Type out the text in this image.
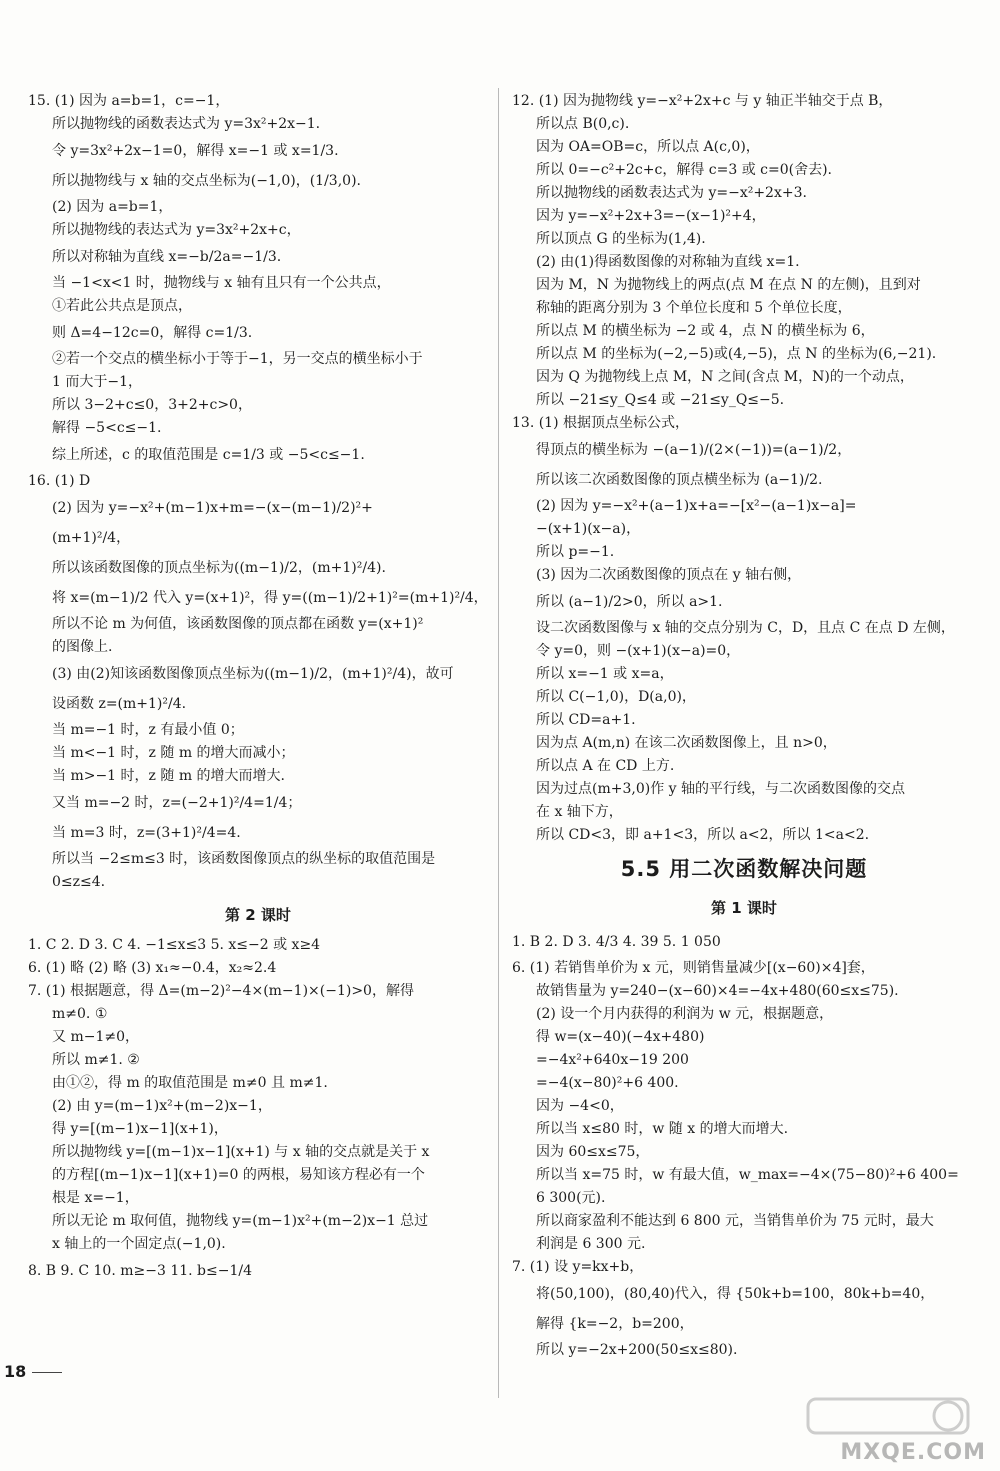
15. (1) 因为 a=b=1，c=−1，
所以抛物线的函数表达式为 y=3x²+2x−1.
令 y=3x²+2x−1=0，解得 x=−1 或 x=1/3.
所以抛物线与 x 轴的交点坐标为(−1,0)，(1/3,0).
(2) 因为 a=b=1，
所以抛物线的表达式为 y=3x²+2x+c，
所以对称轴为直线 x=−b/2a=−1/3.
当 −1<x<1 时，抛物线与 x 轴有且只有一个公共点，
①若此公共点是顶点，
则 Δ=4−12c=0，解得 c=1/3.
②若一个交点的横坐标小于等于−1，另一交点的横坐标小于
1 而大于−1，
所以 3−2+c≤0，3+2+c>0，
解得 −5<c≤−1.
综上所述，c 的取值范围是 c=1/3 或 −5<c≤−1.
16. (1) D
(2) 因为 y=−x²+(m−1)x+m=−(x−(m−1)/2)²+
(m+1)²/4，
所以该函数图像的顶点坐标为((m−1)/2，(m+1)²/4).
将 x=(m−1)/2 代入 y=(x+1)²，得 y=((m−1)/2+1)²=(m+1)²/4，
所以不论 m 为何值，该函数图像的顶点都在函数 y=(x+1)²
的图像上.
(3) 由(2)知该函数图像顶点坐标为((m−1)/2，(m+1)²/4)，故可
设函数 z=(m+1)²/4.
当 m=−1 时，z 有最小值 0；
当 m<−1 时，z 随 m 的增大而减小；
当 m>−1 时，z 随 m 的增大而增大.
又当 m=−2 时，z=(−2+1)²/4=1/4；
当 m=3 时，z=(3+1)²/4=4.
所以当 −2≤m≤3 时，该函数图像顶点的纵坐标的取值范围是
0≤z≤4.
第 2 课时
1. C 2. D 3. C 4. −1≤x≤3 5. x≤−2 或 x≥4
6. (1) 略 (2) 略 (3) x₁≈−0.4，x₂≈2.4
7. (1) 根据题意，得 Δ=(m−2)²−4×(m−1)×(−1)>0，解得
m≠0. ①
又 m−1≠0，
所以 m≠1. ②
由①②，得 m 的取值范围是 m≠0 且 m≠1.
(2) 由 y=(m−1)x²+(m−2)x−1，
得 y=[(m−1)x−1](x+1)，
所以抛物线 y=[(m−1)x−1](x+1) 与 x 轴的交点就是关于 x
的方程[(m−1)x−1](x+1)=0 的两根，易知该方程必有一个
根是 x=−1，
所以无论 m 取何值，抛物线 y=(m−1)x²+(m−2)x−1 总过
x 轴上的一个固定点(−1,0).
8. B 9. C 10. m≥−3 11. b≤−1/4
12. (1) 因为抛物线 y=−x²+2x+c 与 y 轴正半轴交于点 B，
所以点 B(0,c).
因为 OA=OB=c，所以点 A(c,0)，
所以 0=−c²+2c+c，解得 c=3 或 c=0(舍去).
所以抛物线的函数表达式为 y=−x²+2x+3.
因为 y=−x²+2x+3=−(x−1)²+4，
所以顶点 G 的坐标为(1,4).
(2) 由(1)得函数图像的对称轴为直线 x=1.
因为 M，N 为抛物线上的两点(点 M 在点 N 的左侧)，且到对
称轴的距离分别为 3 个单位长度和 5 个单位长度，
所以点 M 的横坐标为 −2 或 4，点 N 的横坐标为 6，
所以点 M 的坐标为(−2,−5)或(4,−5)，点 N 的坐标为(6,−21).
因为 Q 为抛物线上点 M，N 之间(含点 M，N)的一个动点，
所以 −21≤y_Q≤4 或 −21≤y_Q≤−5.
13. (1) 根据顶点坐标公式，
得顶点的横坐标为 −(a−1)/(2×(−1))=(a−1)/2，
所以该二次函数图像的顶点横坐标为 (a−1)/2.
(2) 因为 y=−x²+(a−1)x+a=−[x²−(a−1)x−a]=
−(x+1)(x−a)，
所以 p=−1.
(3) 因为二次函数图像的顶点在 y 轴右侧，
所以 (a−1)/2>0，所以 a>1.
设二次函数图像与 x 轴的交点分别为 C，D，且点 C 在点 D 左侧，
令 y=0，则 −(x+1)(x−a)=0，
所以 x=−1 或 x=a，
所以 C(−1,0)，D(a,0)，
所以 CD=a+1.
因为点 A(m,n) 在该二次函数图像上，且 n>0，
所以点 A 在 CD 上方.
因为过点(m+3,0)作 y 轴的平行线，与二次函数图像的交点
在 x 轴下方，
所以 CD<3，即 a+1<3，所以 a<2，所以 1<a<2.
5.5 用二次函数解决问题
第 1 课时
1. B 2. D 3. 4/3 4. 39 5. 1 050
6. (1) 若销售单价为 x 元，则销售量减少[(x−60)×4]套，
故销售量为 y=240−(x−60)×4=−4x+480(60≤x≤75).
(2) 设一个月内获得的利润为 w 元，根据题意，
得 w=(x−40)(−4x+480)
=−4x²+640x−19 200
=−4(x−80)²+6 400.
因为 −4<0，
所以当 x≤80 时，w 随 x 的增大而增大.
因为 60≤x≤75，
所以当 x=75 时，w 有最大值，w_max=−4×(75−80)²+6 400=
6 300(元).
所以商家盈利不能达到 6 800 元，当销售单价为 75 元时，最大
利润是 6 300 元.
7. (1) 设 y=kx+b，
将(50,100)，(80,40)代入，得 {50k+b=100，80k+b=40，
解得 {k=−2，b=200，
所以 y=−2x+200(50≤x≤80).
18
MXQE.COM
